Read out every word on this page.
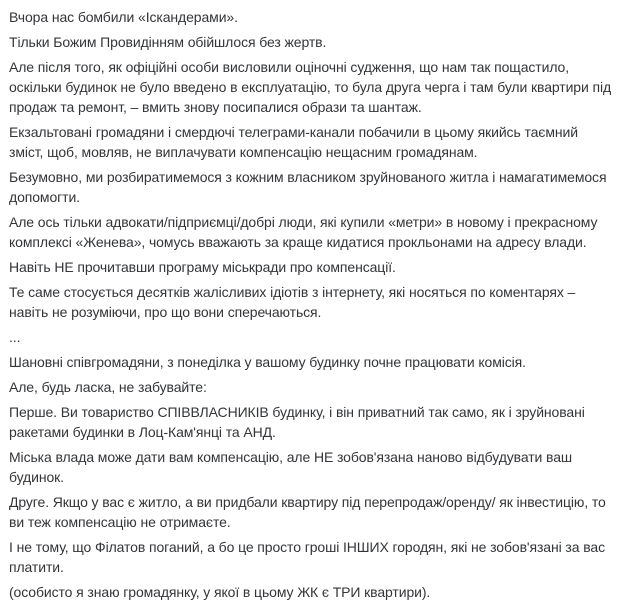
Вчора нас бомбили «Іскандерами».

Тільки Божим Провидінням обійшлося без жертв.

Але після того, як офіційні особи висловили оціночні судження, що нам так пощастило, оскільки будинок не було введено в експлуатацію, то була друга черга і там були квартири під продаж та ремонт, – вмить знову посипалися образи та шантаж.

Екзальтовані громадяни і смердючі телеграми-канали побачили в цьому якийсь таємний зміст, щоб, мовляв, не виплачувати компенсацію нещасним громадянам.

Безумовно, ми розбиратимемося з кожним власником зруйнованого житла і намагатимемося допомогти.

Але ось тільки адвокати/підприємці/добрі люди, які купили «метри» в новому і прекрасному комплексі «Женева», чомусь вважають за краще кидатися прокльонами на адресу влади.

Навіть НЕ прочитавши програму міськради про компенсації.

Те саме стосується десятків жалісливих ідіотів з інтернету, які носяться по коментарях – навіть не розуміючи, про що вони сперечаються.

...

Шановні співгромадяни, з понеділка у вашому будинку почне працювати комісія.

Але, будь ласка, не забувайте:

Перше. Ви товариство СПІВВЛАСНИКІВ будинку, і він приватний так само, як і зруйновані ракетами будинки в Лоц-Кам'янці та АНД.

Міська влада може дати вам компенсацію, але НЕ зобов'язана наново відбудувати ваш будинок.

Друге. Якщо у вас є житло, а ви придбали квартиру під перепродаж/оренду/ як інвестицію, то ви теж компенсацію не отримаєте.

І не тому, що Філатов поганий, а бо це просто гроші ІНШИХ городян, які не зобов'язані за вас платити.

(особисто я знаю громадянку, у якої в цьому ЖК є ТРИ квартири).
